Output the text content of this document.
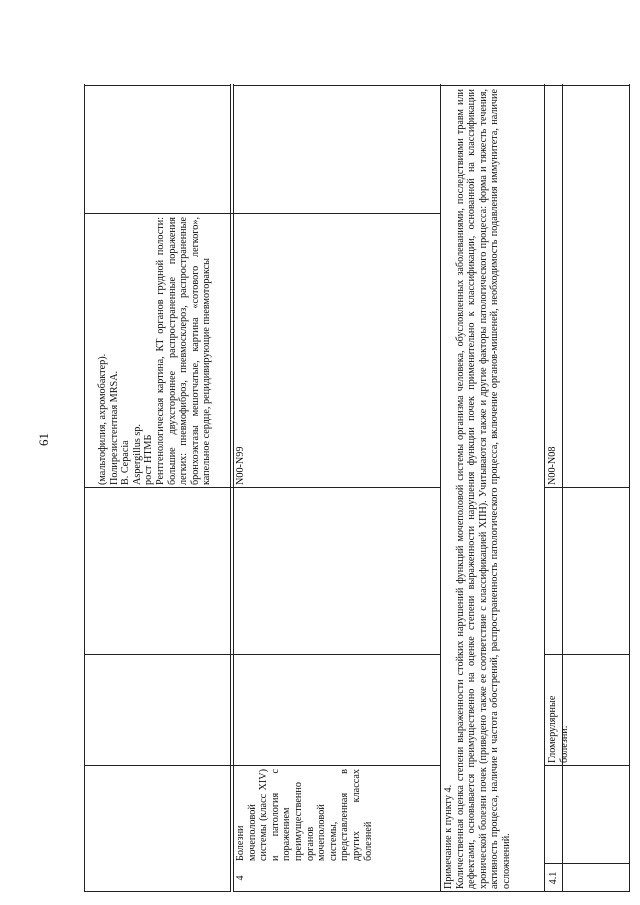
61	(мальтофилия, ахромобактер). Полирезистентная MRSA. B. Cepacia Aspergillus sp. рост НТМБ Рентгенологическая картина, КТ органов грудной полости: большие двухстороннее распространенные поражения легких: пневмофиброз, пневмосклероз, распространенные бронхоэктазы мешотчатые, картина «сотового легкого», капельное сердце, рецидивирующие пневмотораксы
4
Болезни мочеполовой системы (класс XIV) и патология с поражением преимущественно органов мочеполовой системы, представленная в других классах болезней
N00-N99
Примечание к пункту 4. Количественная оценка степени выраженности стойких нарушений функций мочеполовой системы организма человека, обусловленных заболеваниями, последствиями травм или дефектами, основывается преимущественно на оценке степени выраженности нарушения функции почек применительно к классификации, основанной на классификации хронической болезни почек (приведено также ее соответствие с классификацией ХПН). Учитываются также и другие факторы патологического процесса: форма и тяжесть течения, активность процесса, наличие и частота обострений, распространенность патологического процесса, включение органов-мишеней, необходимость подавления иммунитета, наличие осложнений.	4.1
Гломерулярные болезни.
N00-N08
